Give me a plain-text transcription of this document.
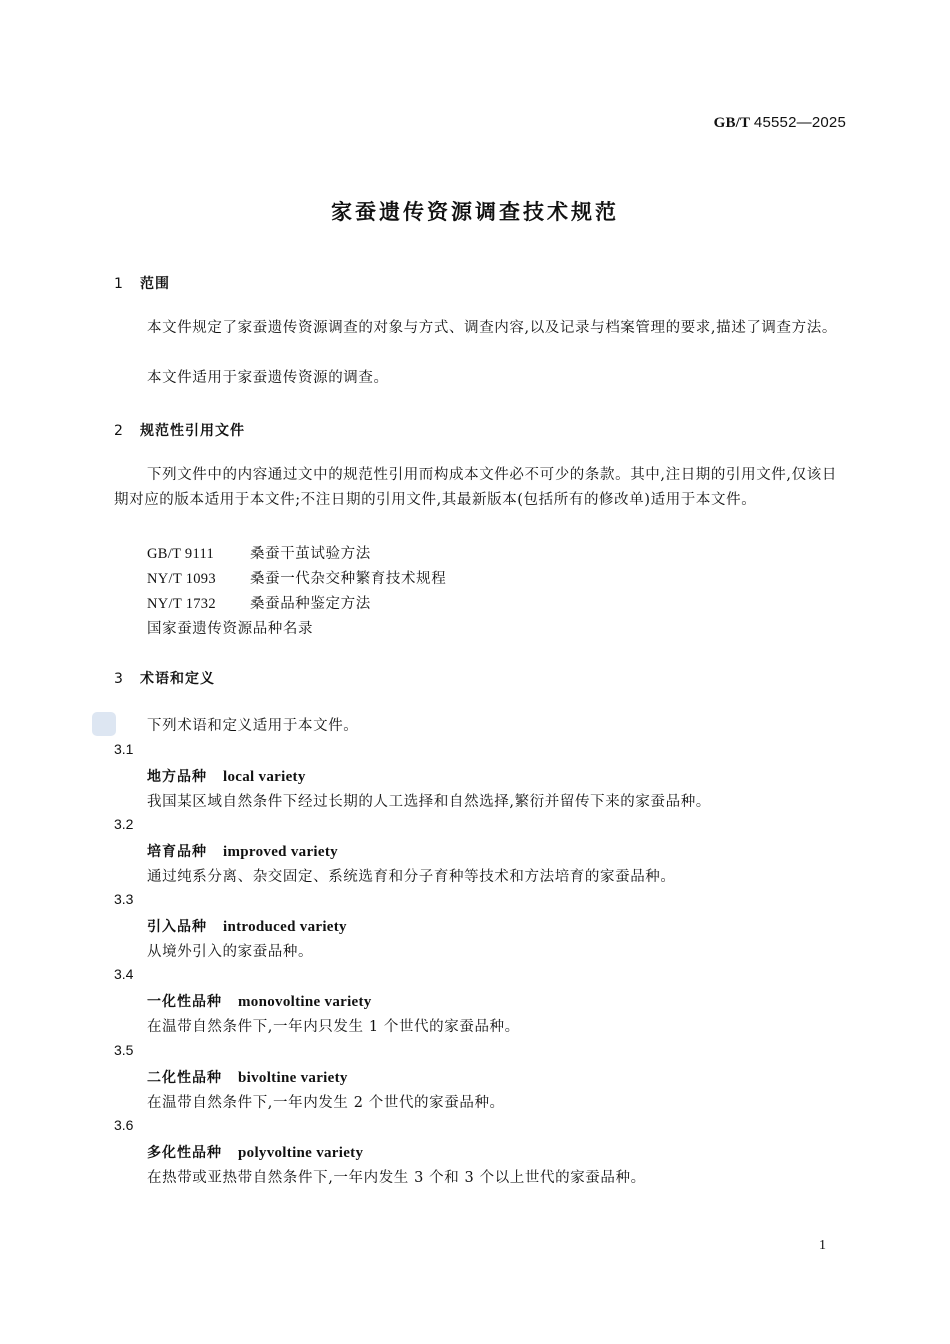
GB/T 45552—2025
家蚕遗传资源调查技术规范
1 范围
本文件规定了家蚕遗传资源调查的对象与方式、调查内容,以及记录与档案管理的要求,描述了调查方法。
本文件适用于家蚕遗传资源的调查。
2 规范性引用文件
下列文件中的内容通过文中的规范性引用而构成本文件必不可少的条款。其中,注日期的引用文件,仅该日期对应的版本适用于本文件;不注日期的引用文件,其最新版本(包括所有的修改单)适用于本文件。
GB/T 9111 桑蚕干茧试验方法
NY/T 1093 桑蚕一代杂交种繁育技术规程
NY/T 1732 桑蚕品种鉴定方法
国家蚕遗传资源品种名录
3 术语和定义
下列术语和定义适用于本文件。
3.1
地方品种 local variety
我国某区域自然条件下经过长期的人工选择和自然选择,繁衍并留传下来的家蚕品种。
3.2
培育品种 improved variety
通过纯系分离、杂交固定、系统选育和分子育种等技术和方法培育的家蚕品种。
3.3
引入品种 introduced variety
从境外引入的家蚕品种。
3.4
一化性品种 monovoltine variety
在温带自然条件下,一年内只发生 1 个世代的家蚕品种。
3.5
二化性品种 bivoltine variety
在温带自然条件下,一年内发生 2 个世代的家蚕品种。
3.6
多化性品种 polyvoltine variety
在热带或亚热带自然条件下,一年内发生 3 个和 3 个以上世代的家蚕品种。
1
